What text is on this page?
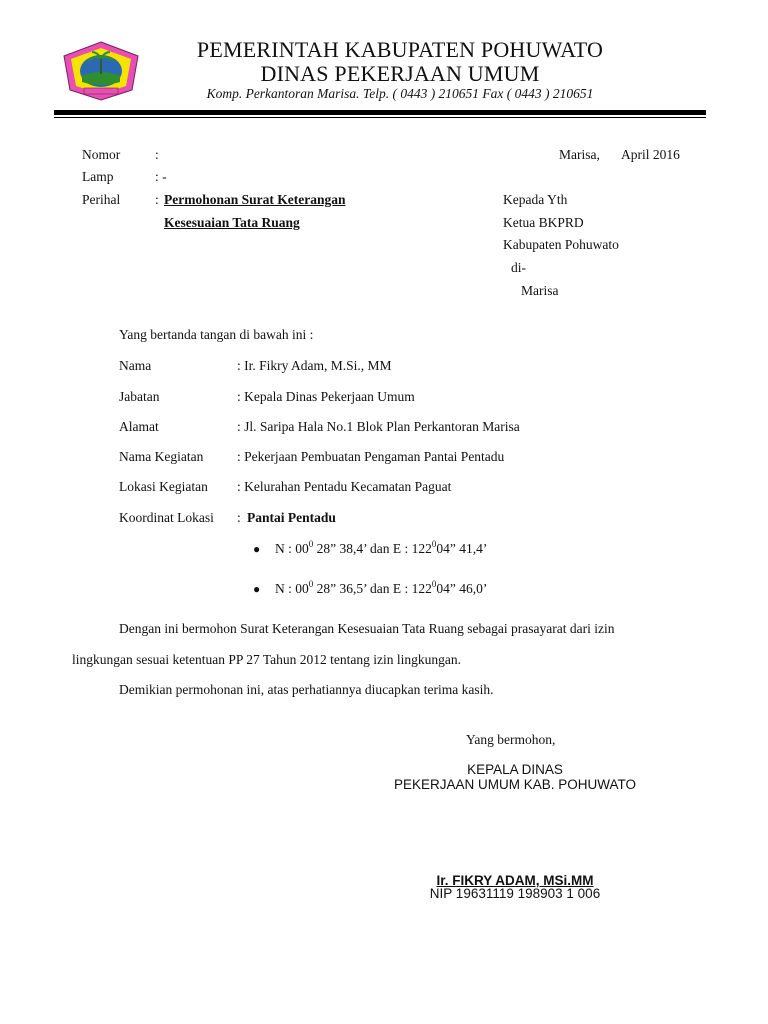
PEMERINTAH KABUPATEN POHUWATO
DINAS PEKERJAAN UMUM
Komp. Perkantoran Marisa. Telp. ( 0443 ) 210651 Fax ( 0443 ) 210651
Nomor	:
Lamp	: -
Perihal	: Permohonan Surat Keterangan
Kesesuaian Tata Ruang
Marisa, April 2016
Kepada Yth
Ketua BKPRD
Kabupaten Pohuwato
di-
Marisa
Yang bertanda tangan di bawah ini :
Nama	: Ir. Fikry Adam, M.Si., MM
Jabatan	: Kepala Dinas Pekerjaan Umum
Alamat	: Jl. Saripa Hala No.1 Blok Plan Perkantoran Marisa
Nama Kegiatan : Pekerjaan Pembuatan Pengaman Pantai Pentadu
Lokasi Kegiatan : Kelurahan Pentadu Kecamatan Paguat
Koordinat Lokasi : Pantai Pentadu
● N : $00^0$ 28” 38,4’ dan E : $122^004$” 41,4’
● N : $00^0$ 28” 36,5’ dan E : $122^004$” 46,0’
Dengan ini bermohon Surat Keterangan Kesesuaian Tata Ruang sebagai prasayarat dari izin
lingkungan sesuai ketentuan PP 27 Tahun 2012 tentang izin lingkungan.
Demikian permohonan ini, atas perhatiannya diucapkan terima kasih.
Yang bermohon,
KEPALA DINAS
PEKERJAAN UMUM KAB. POHUWATO
Ir. FIKRY ADAM, MSi.MM
NIP 19631119 198903 1 006
